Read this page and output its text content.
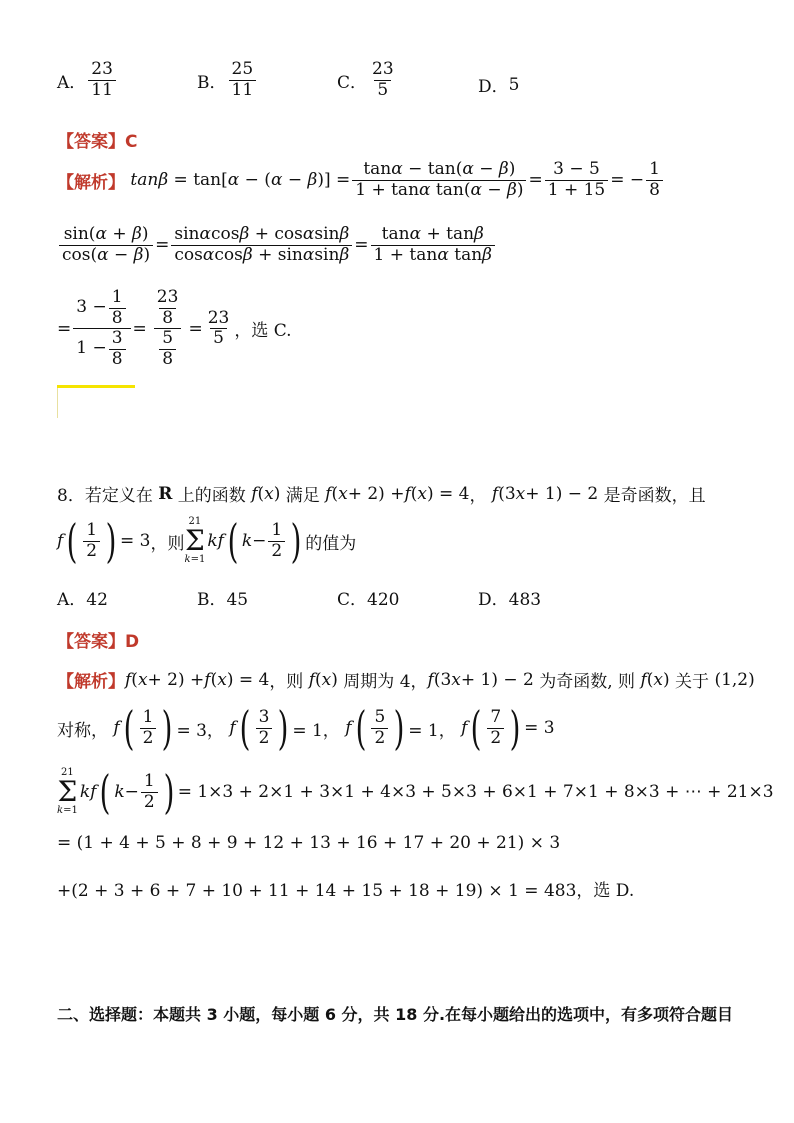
A． $\frac{23}{11}$	B． $\frac{25}{11}$	C． $\frac{23}{5}$	D． 5
【答案】C
【解析】 tan β = tan[ α − ( α − β )] = $\frac{\tan\alpha - \tan(\alpha - \beta)}{\text{1 + tanα tan(α − β)}} = \frac{3 - 5}{1 + 15}$ = − $\frac{1}{8}$
$\frac{\sin(\alpha + \beta)}{\cos(\alpha - \beta)} = \frac{\sin\alpha\cos\beta + \cos\alpha\sin\beta}{\cos\alpha\cos\beta + \sin\alpha\sin\beta} = \frac{\tan\alpha + \tan\beta}{\text{1 + tanα tanβ}}$
= $\frac{3 - \frac{1}{8}}{1 - \frac{3}{8}} = \frac{\frac{23}{8}}{\frac{5}{8}} = \frac{23}{5}$ ，选 C.
8．若定义在
R
上的函数
f ( x ) 满足
f ( x + 2) + f ( x ) = 4 ，
f (3 x + 1) − 2 是奇函数，且
f ( $\frac{1}{2}$ ) = 3 ，则
21
Σ
k=1
kf ( $k - \frac{1}{2}$ ) 的值为
A．42	B．45	C．420	D．483
【答案】D
【解析】 f ( x + 2) + f ( x ) = 4 ，则
f ( x ) 周期为 4， f (3 x + 1) − 2 为奇函数, 则
f ( x ) 关于 (1,2)
对称，
f ( $\frac{1}{2}$ ) = 3， f ( $\frac{3}{2}$ ) = 1， f ( $\frac{5}{2}$ ) = 1， f ( $\frac{7}{2}$ ) = 3
21
Σ
k=1
kf ( $k - \frac{1}{2}$ ) = 1×3 + 2×1 + 3×1 + 4×3 + 5×3 + 6×1 + 7×1 + 8×3 + ⋯ + 21×3
= (1 + 4 + 5 + 8 + 9 + 12 + 13 + 16 + 17 + 20 + 21) × 3
+(2 + 3 + 6 + 7 + 10 + 11 + 14 + 15 + 18 + 19) × 1 = 483，选 D.
二、选择题：本题共 3 小题，每小题 6 分，共 18 分.在每小题给出的选项中，有多项符合题目
